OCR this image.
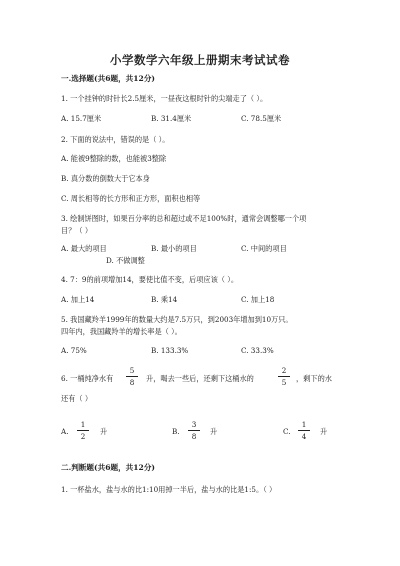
小学数学六年级上册期末考试试卷
一.选择题(共6题，共12分)
1. 一个挂钟的时针长2.5厘米，一昼夜这根时针的尖端走了（ ）。
A. 15.7厘米	B. 31.4厘米	C. 78.5厘米
2. 下面的说法中，错误的是（ ）。
A. 能被9整除的数，也能被3整除
B. 真分数的倒数大于它本身
C. 周长相等的长方形和正方形，面积也相等
3. 绘制饼图时，如果百分率的总和超过或不足100%时，通常会调整哪一个项
目？（ ）
A. 最大的项目	B. 最小的项目	C. 中间的项目
D. 不做调整
4. 7：9的前项增加14，要使比值不变，后项应该（ ）。
A. 加上14	B. 乘14	C. 加上18
5. 我国藏羚羊1999年的数量大约是7.5万只，到2003年增加到10万只。
四年内，我国藏羚羊的增长率是（ ）。
A. 75%	B. 133.3%	C. 33.3%
6. 一桶纯净水有 $\frac{5}{8}$ 升，喝去一些后，还剩下这桶水的	$\frac{2}{5}$ ，剩下的水
还有（ ）
A. $\frac{1}{2}$ 升	B. $\frac{3}{8}$ 升	C. $\frac{1}{4}$ 升
二.判断题(共6题，共12分)
1. 一杯盐水，盐与水的比1:10用掉一半后，盐与水的比是1:5。（ ）
